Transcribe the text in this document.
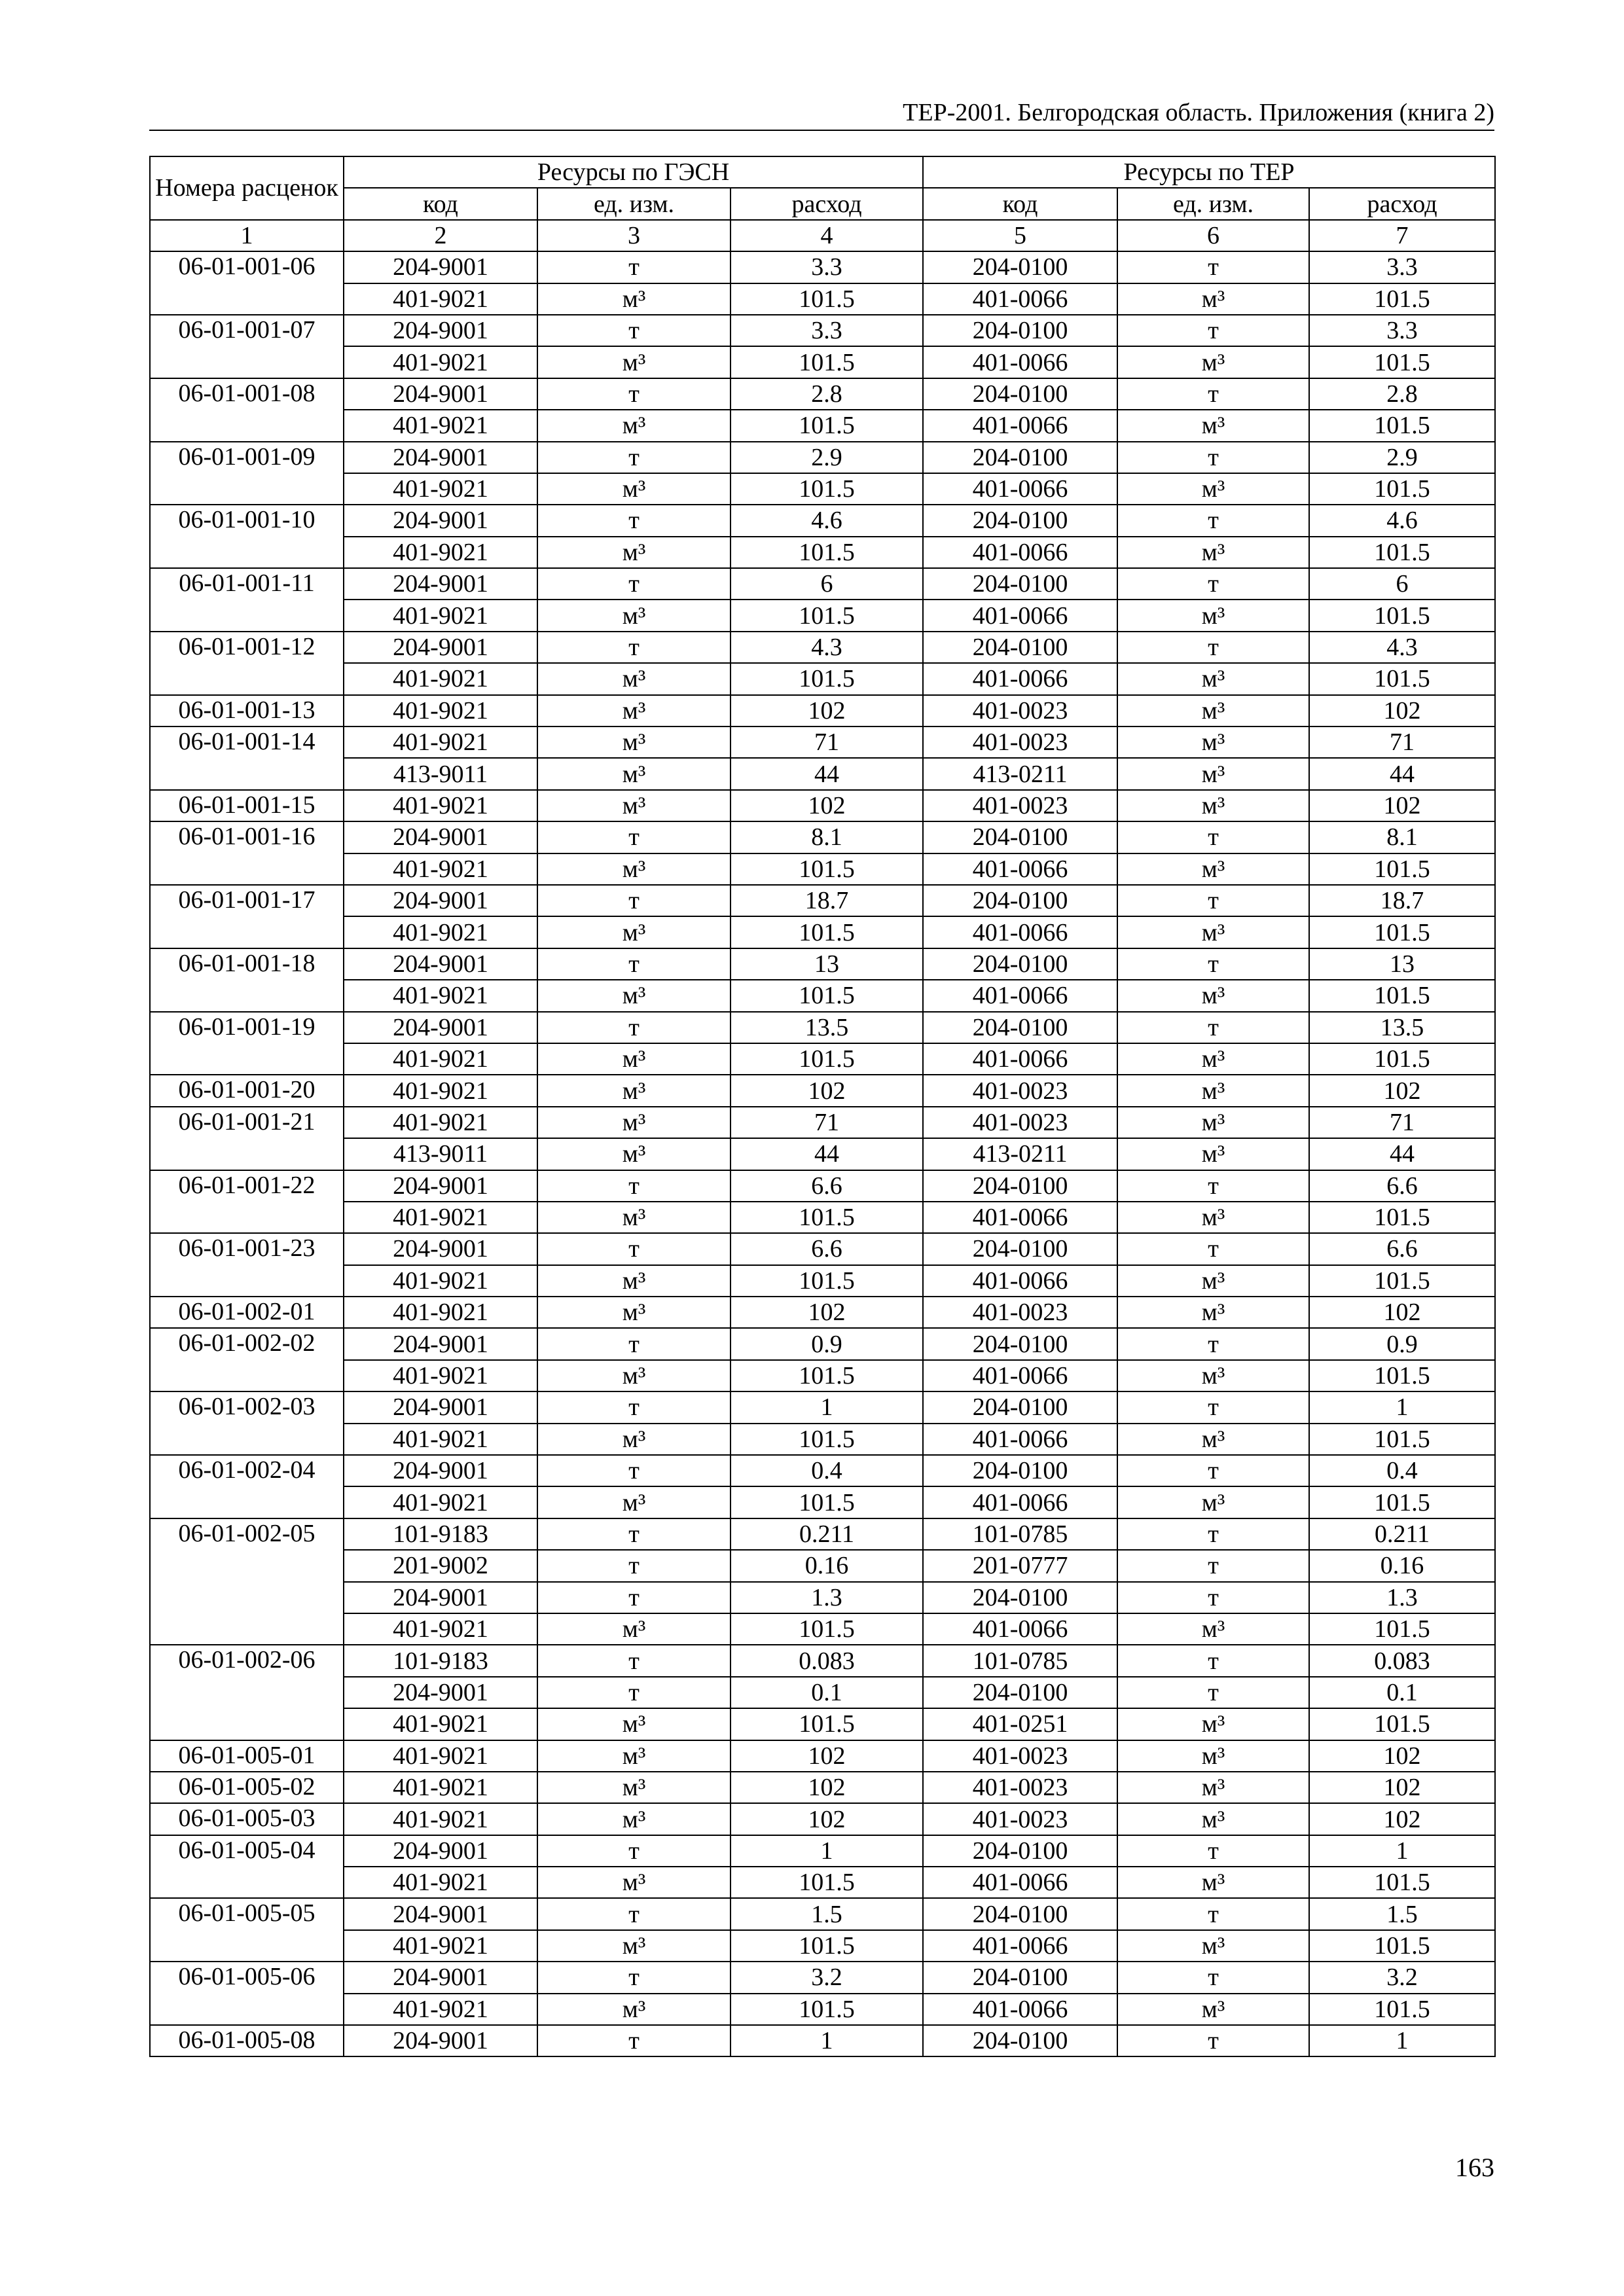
ТЕР-2001. Белгородская область. Приложения (книга 2)
Номера расценок	Ресурсы по ГЭСН			Ресурсы по ТЕР		
	код	ед. изм.	расход	код	ед. изм.	расход
1	2	3	4	5	6	7
06-01-001-06	204-9001	т	3.3	204-0100	т	3.3
	401-9021	м³	101.5	401-0066	м³	101.5
06-01-001-07	204-9001	т	3.3	204-0100	т	3.3
	401-9021	м³	101.5	401-0066	м³	101.5
06-01-001-08	204-9001	т	2.8	204-0100	т	2.8
	401-9021	м³	101.5	401-0066	м³	101.5
06-01-001-09	204-9001	т	2.9	204-0100	т	2.9
	401-9021	м³	101.5	401-0066	м³	101.5
06-01-001-10	204-9001	т	4.6	204-0100	т	4.6
	401-9021	м³	101.5	401-0066	м³	101.5
06-01-001-11	204-9001	т	6	204-0100	т	6
	401-9021	м³	101.5	401-0066	м³	101.5
06-01-001-12	204-9001	т	4.3	204-0100	т	4.3
	401-9021	м³	101.5	401-0066	м³	101.5
06-01-001-13	401-9021	м³	102	401-0023	м³	102
06-01-001-14	401-9021	м³	71	401-0023	м³	71
	413-9011	м³	44	413-0211	м³	44
06-01-001-15	401-9021	м³	102	401-0023	м³	102
06-01-001-16	204-9001	т	8.1	204-0100	т	8.1
	401-9021	м³	101.5	401-0066	м³	101.5
06-01-001-17	204-9001	т	18.7	204-0100	т	18.7
	401-9021	м³	101.5	401-0066	м³	101.5
06-01-001-18	204-9001	т	13	204-0100	т	13
	401-9021	м³	101.5	401-0066	м³	101.5
06-01-001-19	204-9001	т	13.5	204-0100	т	13.5
	401-9021	м³	101.5	401-0066	м³	101.5
06-01-001-20	401-9021	м³	102	401-0023	м³	102
06-01-001-21	401-9021	м³	71	401-0023	м³	71
	413-9011	м³	44	413-0211	м³	44
06-01-001-22	204-9001	т	6.6	204-0100	т	6.6
	401-9021	м³	101.5	401-0066	м³	101.5
06-01-001-23	204-9001	т	6.6	204-0100	т	6.6
	401-9021	м³	101.5	401-0066	м³	101.5
06-01-002-01	401-9021	м³	102	401-0023	м³	102
06-01-002-02	204-9001	т	0.9	204-0100	т	0.9
	401-9021	м³	101.5	401-0066	м³	101.5
06-01-002-03	204-9001	т	1	204-0100	т	1
	401-9021	м³	101.5	401-0066	м³	101.5
06-01-002-04	204-9001	т	0.4	204-0100	т	0.4
	401-9021	м³	101.5	401-0066	м³	101.5
06-01-002-05	101-9183	т	0.211	101-0785	т	0.211
	201-9002	т	0.16	201-0777	т	0.16
	204-9001	т	1.3	204-0100	т	1.3
	401-9021	м³	101.5	401-0066	м³	101.5
06-01-002-06	101-9183	т	0.083	101-0785	т	0.083
	204-9001	т	0.1	204-0100	т	0.1
	401-9021	м³	101.5	401-0251	м³	101.5
06-01-005-01	401-9021	м³	102	401-0023	м³	102
06-01-005-02	401-9021	м³	102	401-0023	м³	102
06-01-005-03	401-9021	м³	102	401-0023	м³	102
06-01-005-04	204-9001	т	1	204-0100	т	1
	401-9021	м³	101.5	401-0066	м³	101.5
06-01-005-05	204-9001	т	1.5	204-0100	т	1.5
	401-9021	м³	101.5	401-0066	м³	101.5
06-01-005-06	204-9001	т	3.2	204-0100	т	3.2
	401-9021	м³	101.5	401-0066	м³	101.5
06-01-005-08	204-9001	т	1	204-0100	т	1
163
